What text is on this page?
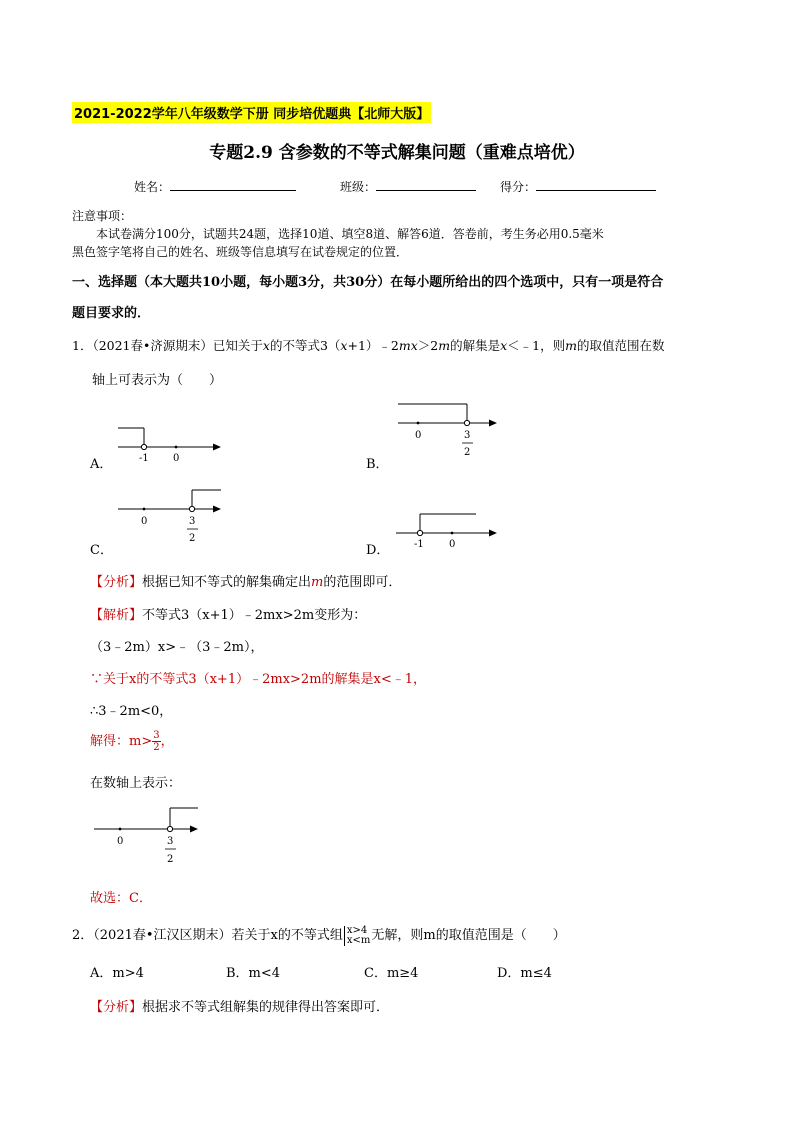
2021-2022学年八年级数学下册 同步培优题典【北师大版】
专题2.9 含参数的不等式解集问题（重难点培优）
姓名：	班级：	得分：
注意事项：
本试卷满分100分，试题共24题，选择10道、填空8道、解答6道．答卷前，考生务必用0.5毫米
黑色签字笔将自己的姓名、班级等信息填写在试卷规定的位置．
一、选择题（本大题共10小题，每小题3分，共30分）在每小题所给出的四个选项中，只有一项是符合
题目要求的．
1．（2021春•济源期末）已知关于x的不等式3（x+1）﹣2mx＞2m的解集是x＜﹣1，则m的取值范围在数
轴上可表示为（　　）
A．	-1 0	B．
0	3
2
C．
0	3
2
D． -1	0
【分析】根据已知不等式的解集确定出m的范围即可．
【解析】不等式3（x+1）﹣2mx>2m变形为：
（3﹣2m）x>﹣（3﹣2m），
∵关于x的不等式3（x+1）﹣2mx>2m的解集是x<﹣1，
∴3﹣2m<0，
解得：$m> \frac{3}{2}$ ，
在数轴上表示：
0	3
2
故选：C．
2．（2021春•江汉区期末）若关于x的不等式组 x>4
x<m 无解，则m的取值范围是（　　）
A．m>4	B．m<4	C．m≥4	D．m≤4
【分析】根据求不等式组解集的规律得出答案即可．
